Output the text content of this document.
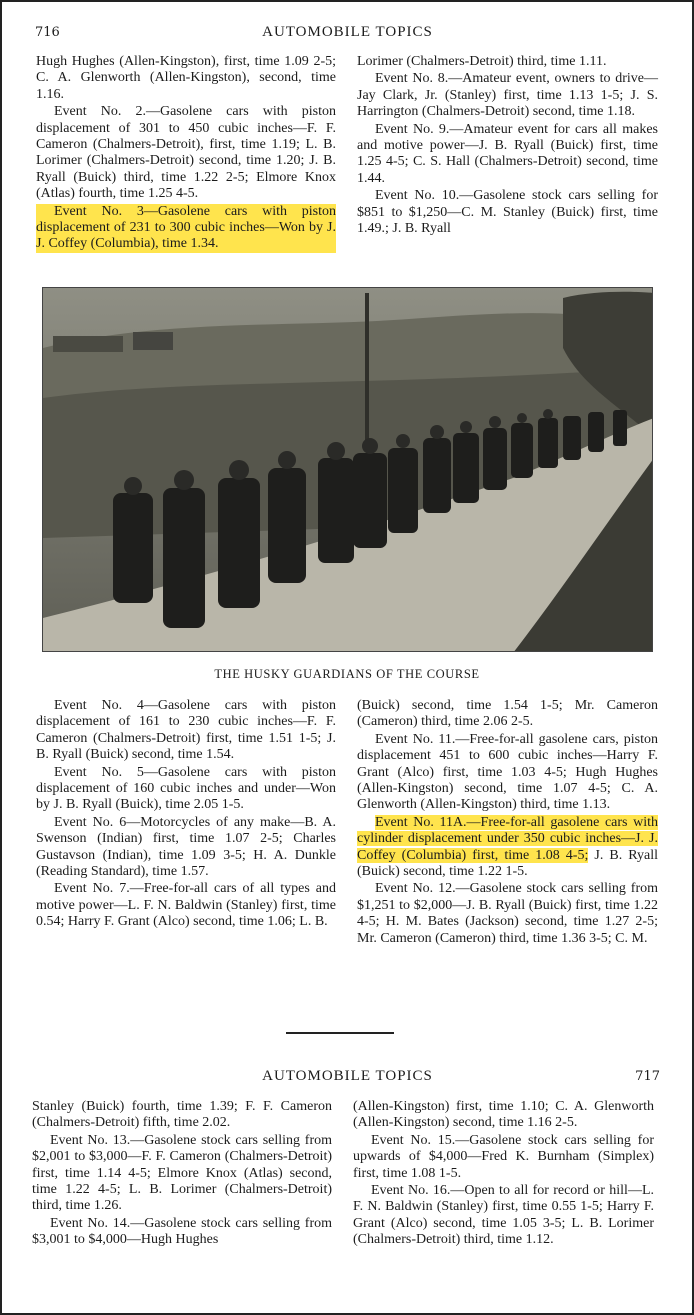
716	AUTOMOBILE TOPICS

Hugh Hughes (Allen-Kingston), first, time 1.09 2-5; C. A. Glenworth (Allen-Kingston), second, time 1.16.

Event No. 2.—Gasolene cars with piston displacement of 301 to 450 cubic inches—F. F. Cameron (Chalmers-Detroit), first, time 1.19; L. B. Lorimer (Chalmers-Detroit) second, time 1.20; J. B. Ryall (Buick) third, time 1.22 2-5; Elmore Knox (Atlas) fourth, time 1.25 4-5.

Event No. 3—Gasolene cars with piston displacement of 231 to 300 cubic inches—Won by J. J. Coffey (Columbia), time 1.34.

Lorimer (Chalmers-Detroit) third, time 1.11.

Event No. 8.—Amateur event, owners to drive—Jay Clark, Jr. (Stanley) first, time 1.13 1-5; J. S. Harrington (Chalmers-Detroit) second, time 1.18.

Event No. 9.—Amateur event for cars all makes and motive power—J. B. Ryall (Buick) first, time 1.25 4-5; C. S. Hall (Chalmers-Detroit) second, time 1.44.

Event No. 10.—Gasolene stock cars selling for $851 to $1,250—C. M. Stanley (Buick) first, time 1.49.; J. B. Ryall

THE HUSKY GUARDIANS OF THE COURSE

Event No. 4—Gasolene cars with piston displacement of 161 to 230 cubic inches—F. F. Cameron (Chalmers-Detroit) first, time 1.51 1-5; J. B. Ryall (Buick) second, time 1.54.

Event No. 5—Gasolene cars with piston displacement of 160 cubic inches and under—Won by J. B. Ryall (Buick), time 2.05 1-5.

Event No. 6—Motorcycles of any make—B. A. Swenson (Indian) first, time 1.07 2-5; Charles Gustavson (Indian), time 1.09 3-5; H. A. Dunkle (Reading Standard), time 1.57.

Event No. 7.—Free-for-all cars of all types and motive power—L. F. N. Baldwin (Stanley) first, time 0.54; Harry F. Grant (Alco) second, time 1.06; L. B.

(Buick) second, time 1.54 1-5; Mr. Cameron (Cameron) third, time 2.06 2-5.

Event No. 11.—Free-for-all gasolene cars, piston displacement 451 to 600 cubic inches—Harry F. Grant (Alco) first, time 1.03 4-5; Hugh Hughes (Allen-Kingston) second, time 1.07 4-5; C. A. Glenworth (Allen-Kingston) third, time 1.13.

Event No. 11A.—Free-for-all gasolene cars with cylinder displacement under 350 cubic inches—J. J. Coffey (Columbia) first, time 1.08 4-5; J. B. Ryall (Buick) second, time 1.22 1-5.

Event No. 12.—Gasolene stock cars selling from $1,251 to $2,000—J. B. Ryall (Buick) first, time 1.22 4-5; H. M. Bates (Jackson) second, time 1.27 2-5; Mr. Cameron (Cameron) third, time 1.36 3-5; C. M.

AUTOMOBILE TOPICS	717

Stanley (Buick) fourth, time 1.39; F. F. Cameron (Chalmers-Detroit) fifth, time 2.02.

Event No. 13.—Gasolene stock cars selling from $2,001 to $3,000—F. F. Cameron (Chalmers-Detroit) first, time 1.14 4-5; Elmore Knox (Atlas) second, time 1.22 4-5; L. B. Lorimer (Chalmers-Detroit) third, time 1.26.

Event No. 14.—Gasolene stock cars selling from $3,001 to $4,000—Hugh Hughes

(Allen-Kingston) first, time 1.10; C. A. Glenworth (Allen-Kingston) second, time 1.16 2-5.

Event No. 15.—Gasolene stock cars selling for upwards of $4,000—Fred K. Burnham (Simplex) first, time 1.08 1-5.

Event No. 16.—Open to all for record or hill—L. F. N. Baldwin (Stanley) first, time 0.55 1-5; Harry F. Grant (Alco) second, time 1.05 3-5; L. B. Lorimer (Chalmers-Detroit) third, time 1.12.
